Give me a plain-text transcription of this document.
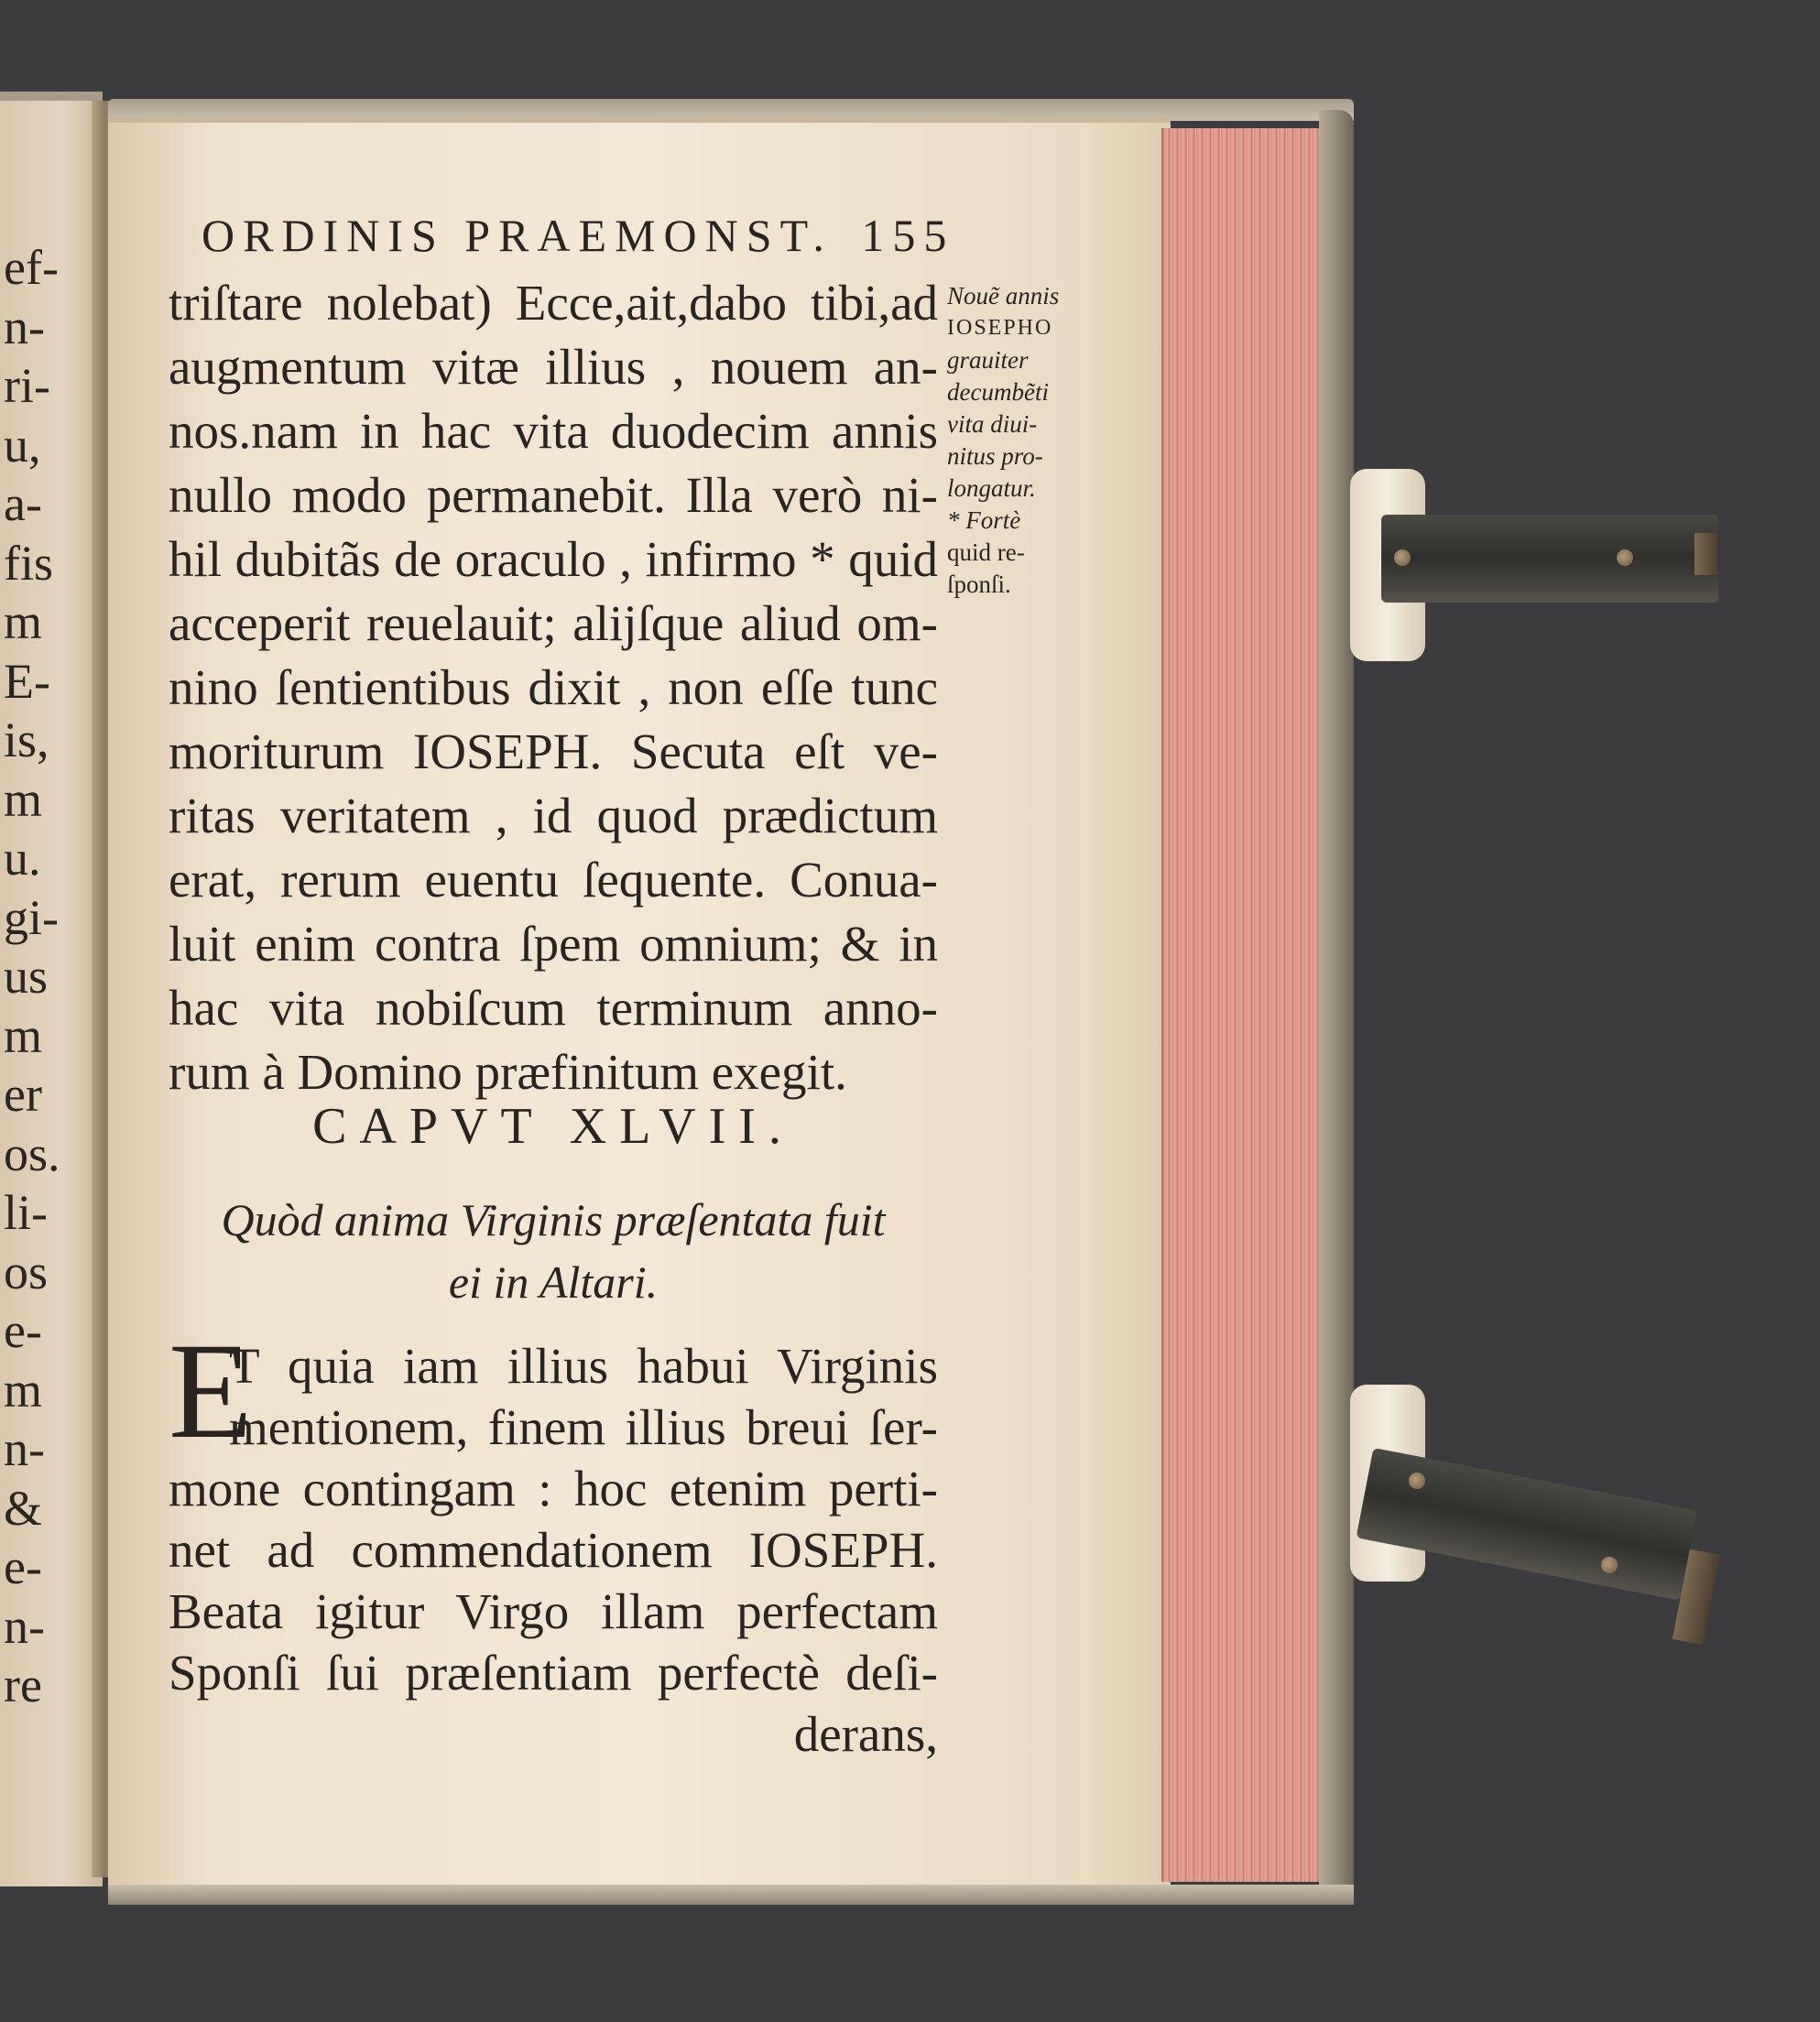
ef-
n-
ri-
u,
a-
fis
m
E-
is,
m
u.
gi-
us
m
er
os.
li-
os
e-
m
n-
&
e-
n-
re
ORDINIS PRAEMONST. 155
triſtare nolebat) Ecce,ait,dabo tibi,ad
augmentum vitæ illius , nouem an-
nos.nam in hac vita duodecim annis
nullo modo permanebit. Illa verò ni-
hil dubitãs de oraculo , infirmo * quid
acceperit reuelauit; alijſque aliud om-
nino ſentientibus dixit , non eſſe tunc
moriturum IOSEPH. Secuta eſt ve-
ritas veritatem , id quod prædictum
erat, rerum euentu ſequente. Conua-
luit enim contra ſpem omnium; & in
hac vita nobiſcum terminum anno-
rum à Domino præfinitum exegit.
Nouẽ annis
IOSEPHO
grauiter
decumbẽti
vita diui-
nitus pro-
longatur.
* Fortè
quid re-
ſponſi.
CAPVT XLVII.
Quòd anima Virginis præſentata fuit
ei in Altari.
E
T quia iam illius habui Virginis
mentionem, finem illius breui ſer-
mone contingam : hoc etenim perti-
net ad commendationem IOSEPH.
Beata igitur Virgo illam perfectam
Sponſi ſui præſentiam perfectè deſi-
derans,
